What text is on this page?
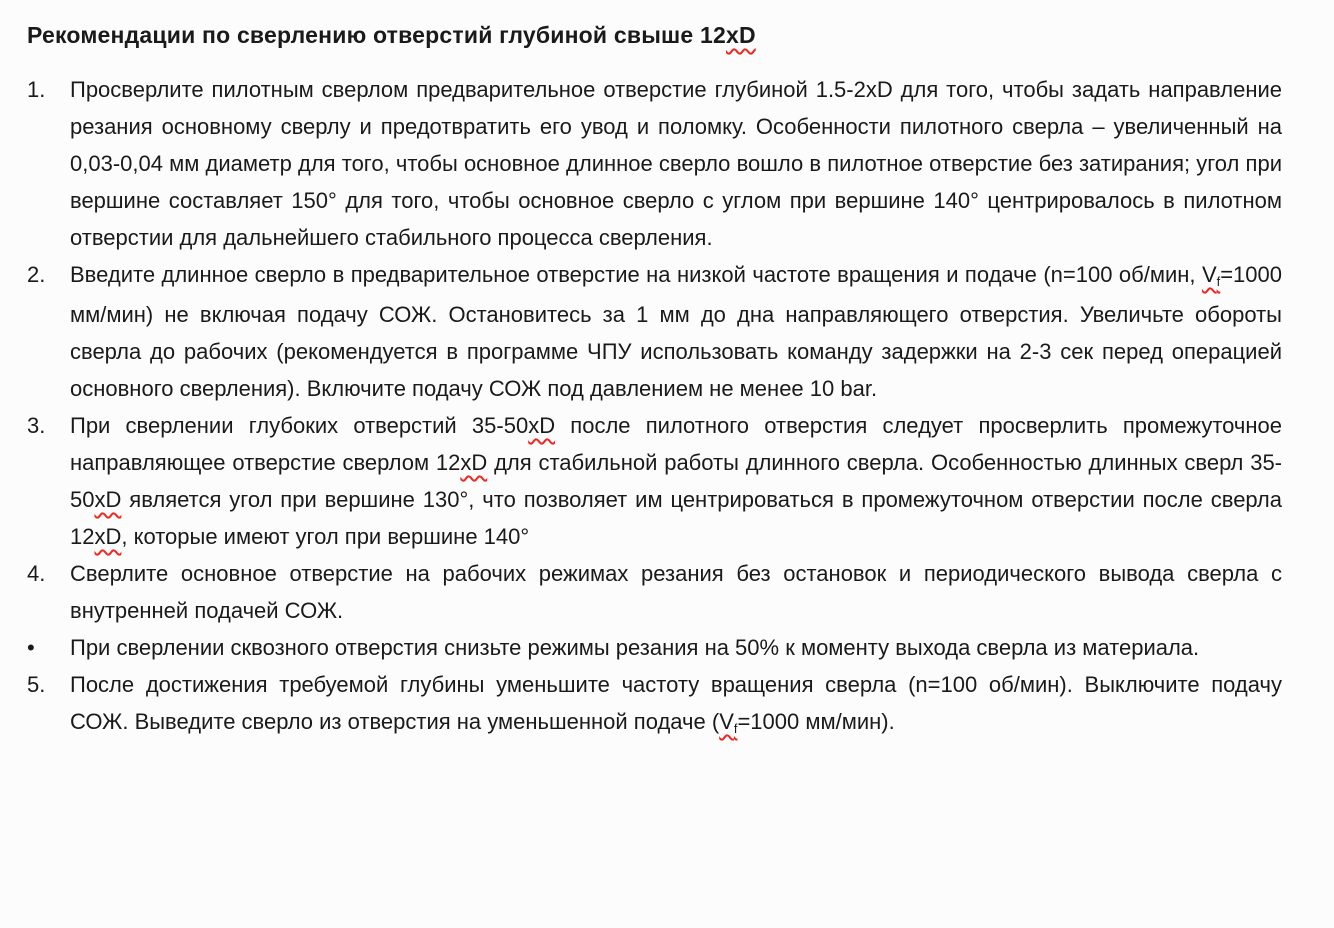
Рекомендации по сверлению отверстий глубиной свыше 12xD
1.	Просверлите пилотным сверлом предварительное отверстие глубиной 1.5-2xD для того, чтобы задать направление резания основному сверлу и предотвратить его увод и поломку. Особенности пилотного сверла – увеличенный на 0,03-0,04 мм диаметр для того, чтобы основное длинное сверло вошло в пилотное отверстие без затирания; угол при вершине составляет 150° для того, чтобы основное сверло с углом при вершине 140° центрировалось в пилотном отверстии для дальнейшего стабильного процесса сверления.
2.	Введите длинное сверло в предварительное отверстие на низкой частоте вращения и подаче (n=100 об/мин, Vf=1000 мм/мин) не включая подачу СОЖ. Остановитесь за 1 мм до дна направляющего отверстия. Увеличьте обороты сверла до рабочих (рекомендуется в программе ЧПУ использовать команду задержки на 2-3 сек перед операцией основного сверления). Включите подачу СОЖ под давлением не менее 10 bar.
3.	При сверлении глубоких отверстий 35-50xD после пилотного отверстия следует просверлить промежуточное направляющее отверстие сверлом 12xD для стабильной работы длинного сверла. Особенностью длинных сверл 35-50xD является угол при вершине 130°, что позволяет им центрироваться в промежуточном отверстии после сверла 12xD, которые имеют угол при вершине 140°
4.	Сверлите основное отверстие на рабочих режимах резания без остановок и периодического вывода сверла с внутренней подачей СОЖ.
•	При сверлении сквозного отверстия снизьте режимы резания на 50% к моменту выхода сверла из материала.
5.	После достижения требуемой глубины уменьшите частоту вращения сверла (n=100 об/мин). Выключите подачу СОЖ. Выведите сверло из отверстия на уменьшенной подаче (Vf=1000 мм/мин).
